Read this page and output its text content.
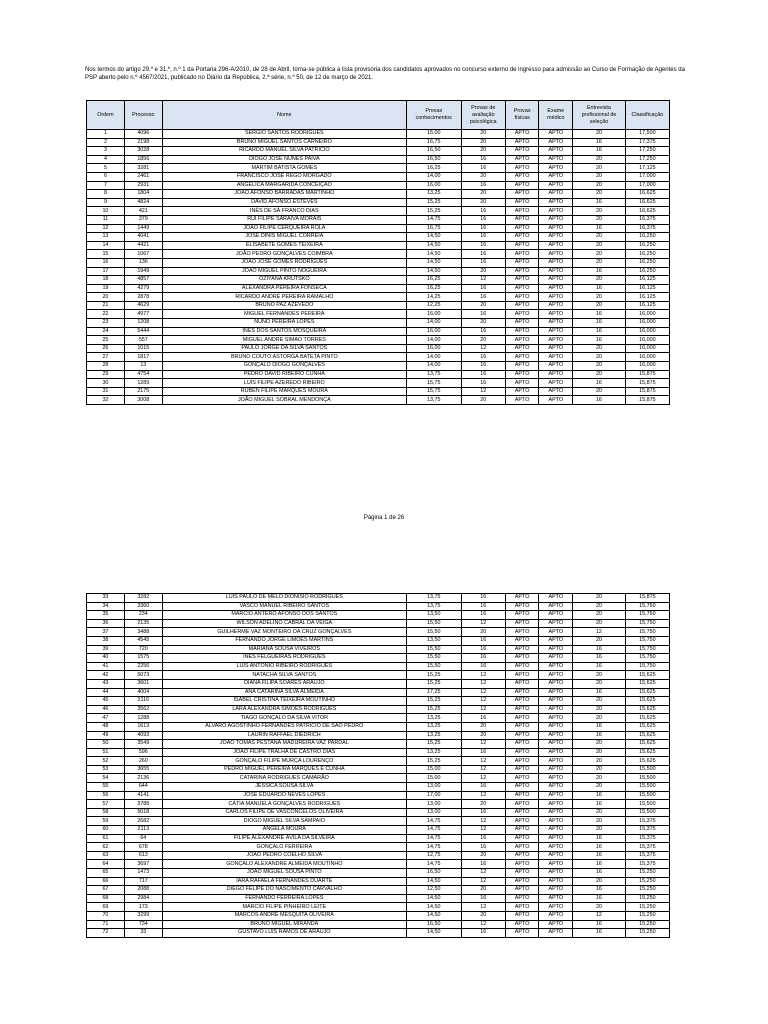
Nos termos do artigo 29.º e 31.º, n.º 1 da Portaria 296-A/2010, de 28 de Abril, torna-se pública a lista provisória dos candidatos aprovados no concurso externo de ingresso para admissão ao Curso de Formação de Agentes da PSP aberto pelo n.º 4567/2021, publicado no Diário da República, 2.ª série, n.º 50, de 12 de março de 2021.
Ordem	Processo	Nome	Provas conhecimentos	Provas de avaliação psicológica	Provas físicas	Exame médico	Entrevista profissional de seleção	Classificação
1	4096	SÉRGIO SANTOS RODRIGUES	15,00	20	APTO	APTO	20	17,500
2	2198	BRUNO MIGUEL SANTOS CARNEIRO	16,75	20	APTO	APTO	16	17,375
3	3028	RICARDO MANUEL SILVA PATRÍCIO	16,50	20	APTO	APTO	16	17,250
4	1856	DIOGO JOSÉ NUNES PAIVA	16,50	16	APTO	APTO	20	17,250
5	3281	MARTIM BATISTA GOMES	16,25	16	APTO	APTO	20	17,125
6	2461	FRANCISCO JOSÉ REGO MORGADO	14,00	20	APTO	APTO	20	17,000
7	2931	ANGÉLICA MARGARIDA CONCEIÇÃO	16,00	16	APTO	APTO	20	17,000
8	1804	JOÃO AFONSO BARRADAS MARTINHO	13,25	20	APTO	APTO	20	16,625
9	4824	DAVID AFONSO ESTEVES	15,25	20	APTO	APTO	16	16,625
10	421	INÊS DE SÁ FRANCO DIAS	15,25	16	APTO	APTO	20	16,625
11	379	RUI FILIPE SARAIVA MORAIS	14,75	16	APTO	APTO	20	16,375
12	1449	JOÃO FILIPE CERQUEIRA ROLA	16,75	16	APTO	APTO	16	16,375
13	4041	JOSÉ DINIS MIGUEL CORREIA	14,50	16	APTO	APTO	20	16,250
14	4421	ELISABETE GOMES TEIXEIRA	14,50	16	APTO	APTO	20	16,250
15	1067	JOÃO PEDRO GONÇALVES COIMBRA	14,50	16	APTO	APTO	20	16,250
16	136	JOÃO JOSÉ GOMES RODRIGUES	14,50	16	APTO	APTO	20	16,250
17	1949	JOÃO MIGUEL PINTO NOGUEIRA	14,50	20	APTO	APTO	16	16,250
18	4857	OZIYANA KRUTSKO	16,25	12	APTO	APTO	20	16,125
19	4279	ALEXANDRA PEREIRA FONSECA	16,25	16	APTO	APTO	16	16,125
20	2878	RICARDO ANDRÉ PEREIRA RAMALHO	14,25	16	APTO	APTO	20	16,125
21	4629	BRUNO PAZ AZEVEDO	12,25	20	APTO	APTO	20	16,125
22	4977	MIGUEL FERNANDES PEREIRA	16,00	16	APTO	APTO	16	16,000
23	1208	NUNO PEREIRA LOPES	14,00	20	APTO	APTO	16	16,000
24	5444	INES DOS SANTOS MOSQUEIRA	16,00	16	APTO	APTO	16	16,000
25	557	MIGUEL ANDRE SIMAO TORRES	14,00	20	APTO	APTO	16	16,000
26	1015	PAULO JORGE DA SILVA SANTOS	16,00	12	APTO	APTO	20	16,000
27	1817	BRUNO COUTO ASTORGA BATETA PINTO	14,00	16	APTO	APTO	20	16,000
28	13	GONÇALO DIOGO GONÇALVES	14,00	16	APTO	APTO	20	16,000
29	4754	PEDRO DAVID RIBEIRO CUNHA	13,75	16	APTO	APTO	20	15,875
30	1289	LUÍS FILIPE AZEREDO RIBEIRO	15,75	16	APTO	APTO	16	15,875
31	2175	RÚBEN FILIPE MARQUES MOURA	15,75	12	APTO	APTO	20	15,875
32	3008	JOÃO MIGUEL SOBRAL MENDONÇA	13,75	20	APTO	APTO	16	15,875
Página 1 de 26
33	3282	LUÍS PAULO DE MELO DIONÍSIO RODRIGUES	13,75	16	APTO	APTO	20	15,875
34	3360	VASCO MANUEL RIBEIRO SANTOS	13,75	16	APTO	APTO	20	15,750
35	234	MÁRCIO ANTERO AFONSO DOS SANTOS	13,50	16	APTO	APTO	20	15,750
36	2135	WILSON ADELINO CABRAL DA VEIGA	15,50	12	APTO	APTO	20	15,750
37	3488	GUILHERME VAZ MONTEIRO DA CRUZ GONÇALVES	15,50	20	APTO	APTO	12	15,750
38	4545	FERNANDO JORGE LIMÕES MARTINS	13,50	16	APTO	APTO	20	15,750
39	720	MARIANA SOUSA VIVEIROS	15,50	16	APTO	APTO	16	15,750
40	1575	INÊS FELGUEIRAS RODRIGUES	15,50	16	APTO	APTO	16	15,750
41	2256	LUÍS ANTÓNIO RIBEIRO RODRIGUES	15,50	16	APTO	APTO	16	15,750
42	5073	NATACHA SILVA SANTOS	15,25	12	APTO	APTO	20	15,625
43	3601	DIANA FILIPA SOARES ARAÚJO	15,25	12	APTO	APTO	20	15,625
44	4004	ANA CATARINA SILVA ALMEIDA	17,25	12	APTO	APTO	16	15,625
45	2116	ISABEL CRISTINA TEIXEIRA MOUTINHO	15,25	12	APTO	APTO	20	15,625
46	3562	LARA ALEXANDRA SIMÕES RODRIGUES	15,25	12	APTO	APTO	20	15,625
47	1288	TIAGO GONÇALO DA SILVA VITOR	13,25	16	APTO	APTO	20	15,625
48	1613	ÁLVARO AGOSTINHO FERNANDES PATRÍCIO DE SÃO PEDRO	13,25	20	APTO	APTO	16	15,625
49	4093	LAURIN RAFFAEL DIEDRICH	13,25	20	APTO	APTO	16	15,625
50	3549	JOÃO TOMÁS PESTANA MADUREIRA VAZ PARDAL	15,25	12	APTO	APTO	20	15,625
51	596	JOÃO FILIPE TRALHA DE CASTRO DIAS	13,25	16	APTO	APTO	20	15,625
52	260	GONÇALO FILIPE MURÇA LOURENÇO	15,25	12	APTO	APTO	20	15,625
53	3655	PEDRO MIGUEL PEREIRA MARQUES E CUNHA	15,00	12	APTO	APTO	20	15,500
54	2136	CATARINA RODRIGUES CAMARÃO	15,00	12	APTO	APTO	20	15,500
55	644	JESSICA SOUSA SILVA	13,00	16	APTO	APTO	20	15,500
56	4141	JOSÉ EDUARDO NEVES LOPES	17,00	12	APTO	APTO	16	15,500
57	3788	CÁTIA MANUELA GONÇALVES RODRIGUES	13,00	20	APTO	APTO	16	15,500
58	5018	CARLOS FILIPE DE VASCONCELOS OLIVEIRA	13,00	16	APTO	APTO	20	15,500
59	2682	DIOGO MIGUEL SILVA SAMPAIO	14,75	12	APTO	APTO	20	15,375
60	2113	ÂNGELA MOURA	14,75	12	APTO	APTO	20	15,375
61	64	FILIPE ALEXANDRE ÁVILA DA SILVEIRA	14,75	16	APTO	APTO	16	15,375
62	678	GONÇALO FERREIRA	14,75	16	APTO	APTO	16	15,375
63	613	JOÃO PEDRO COELHO SILVA	12,75	20	APTO	APTO	16	15,375
64	3697	GONÇALO ALEXANDRE ALMEIDA MOUTINHO	14,75	16	APTO	APTO	16	15,375
65	1473	JOÃO MIGUEL SOUSA PINTO	16,50	12	APTO	APTO	16	15,250
66	717	IARA RAFAELA FERNANDES DUARTE	14,50	12	APTO	APTO	20	15,250
67	2088	DIEGO FELIPE DO NASCIMENTO CARVALHO	12,50	20	APTO	APTO	16	15,250
68	2984	FERNANDO FERREIRA LOPES	14,50	16	APTO	APTO	16	15,250
69	173	MÁRCIO FILIPE PINHEIRO LEITE	14,50	12	APTO	APTO	20	15,250
70	3299	MARCOS ANDRÉ MESQUITA OLIVEIRA	14,50	20	APTO	APTO	12	15,250
71	734	BRUNO MIGUEL MIRANDA	16,50	12	APTO	APTO	16	15,250
72	33	GUSTAVO LUÍS RAMOS DE ARAÚJO	14,50	16	APTO	APTO	16	15,250
